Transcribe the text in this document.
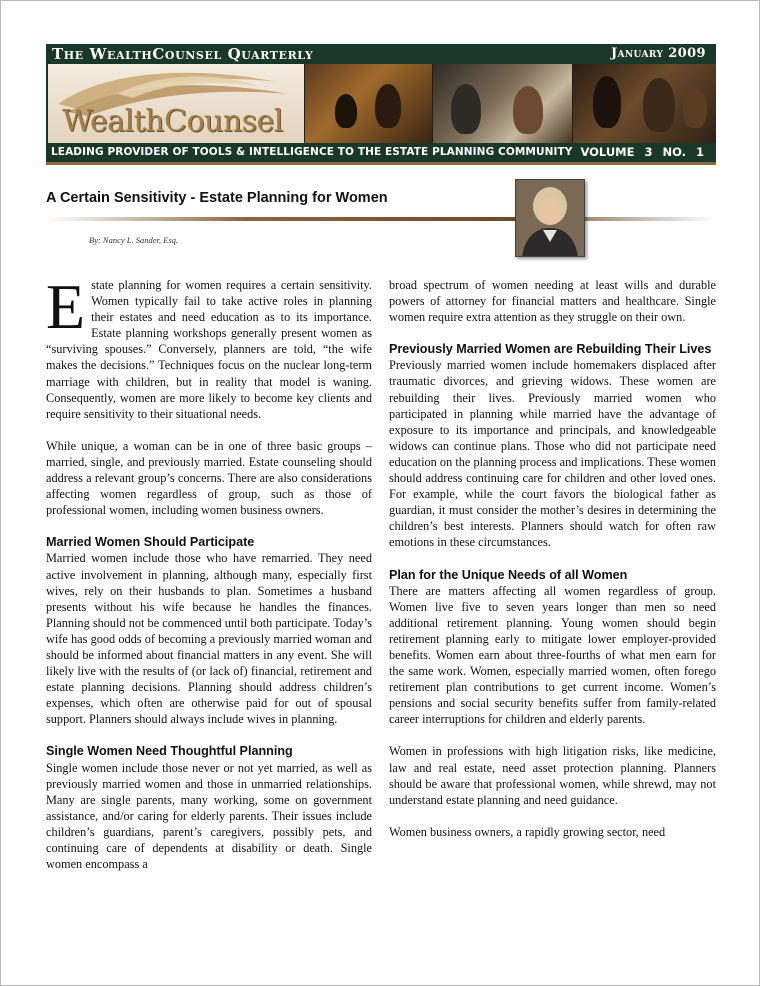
The WealthCounsel Quarterly	January 2009
WealthCounsel
LEADING PROVIDER OF TOOLS & INTELLIGENCE TO THE ESTATE PLANNING COMMUNITY VOLUME 3 NO. 1
A Certain Sensitivity - Estate Planning for Women
By: Nancy L. Sander, Esq.

Estate planning for women requires a certain sensitivity. Women typically fail to take active roles in planning their estates and need education as to its importance. Estate planning workshops generally present women as “surviving spouses.” Conversely, planners are told, “the wife makes the decisions.” Techniques focus on the nuclear long-term marriage with children, but in reality that model is waning. Consequently, women are more likely to become key clients and require sensitivity to their situational needs.

While unique, a woman can be in one of three basic groups – married, single, and previously married. Estate counseling should address a relevant group’s concerns. There are also considerations affecting women regardless of group, such as those of professional women, including women business owners.

Married Women Should Participate

Married women include those who have remarried. They need active involvement in planning, although many, especially first wives, rely on their husbands to plan. Sometimes a husband presents without his wife because he handles the finances. Planning should not be commenced until both participate. Today’s wife has good odds of becoming a previously married woman and should be informed about financial matters in any event. She will likely live with the results of (or lack of) financial, retirement and estate planning decisions. Planning should address children’s expenses, which often are otherwise paid for out of spousal support. Planners should always include wives in planning.

Single Women Need Thoughtful Planning

Single women include those never or not yet married, as well as previously married women and those in unmarried relationships. Many are single parents, many working, some on government assistance, and/or caring for elderly parents. Their issues include children’s guardians, parent’s caregivers, possibly pets, and continuing care of dependents at disability or death. Single women encompass a

broad spectrum of women needing at least wills and durable powers of attorney for financial matters and healthcare. Single women require extra attention as they struggle on their own.

Previously Married Women are Rebuilding Their Lives

Previously married women include homemakers displaced after traumatic divorces, and grieving widows. These women are rebuilding their lives. Previously married women who participated in planning while married have the advantage of exposure to its importance and principals, and knowledgeable widows can continue plans. Those who did not participate need education on the planning process and implications. These women should address continuing care for children and other loved ones. For example, while the court favors the biological father as guardian, it must consider the mother’s desires in determining the children’s best interests. Planners should watch for often raw emotions in these circumstances.

Plan for the Unique Needs of all Women

There are matters affecting all women regardless of group. Women live five to seven years longer than men so need additional retirement planning. Young women should begin retirement planning early to mitigate lower employer-provided benefits. Women earn about three-fourths of what men earn for the same work. Women, especially married women, often forego retirement plan contributions to get current income. Women’s pensions and social security benefits suffer from family-related career interruptions for children and elderly parents.

Women in professions with high litigation risks, like medicine, law and real estate, need asset protection planning. Planners should be aware that professional women, while shrewd, may not understand estate planning and need guidance.

Women business owners, a rapidly growing sector, need
